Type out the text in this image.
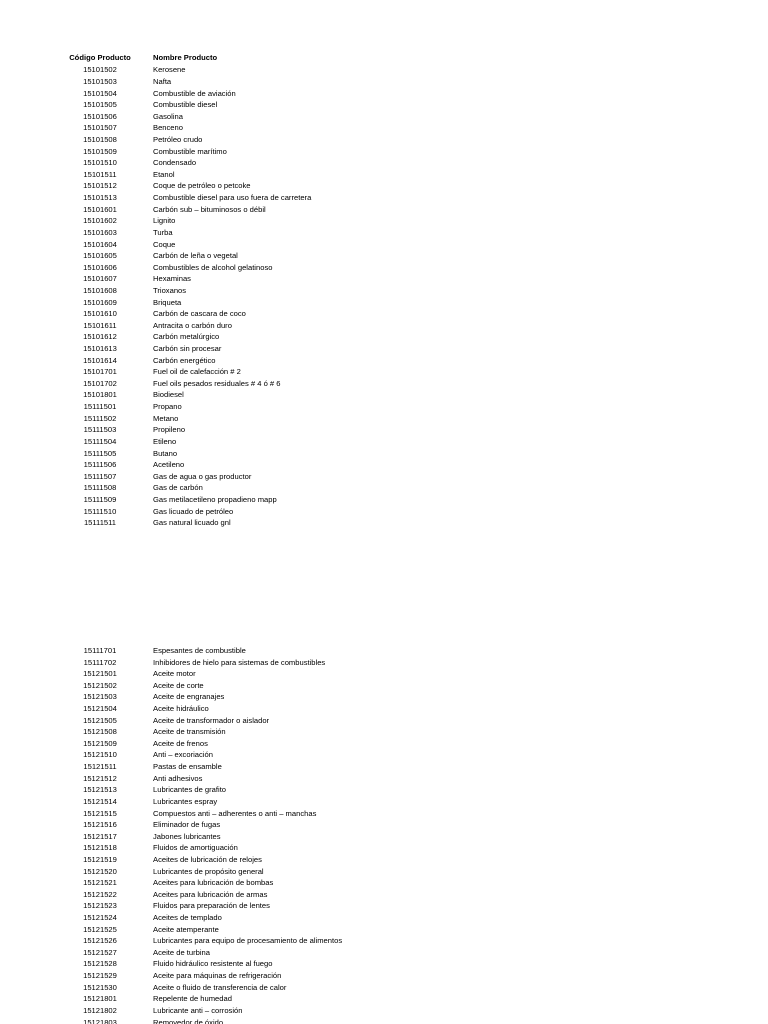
Código Producto	Nombre Producto
15101502	Kerosene
15101503	Nafta
15101504	Combustible de aviación
15101505	Combustible diesel
15101506	Gasolina
15101507	Benceno
15101508	Petróleo crudo
15101509	Combustible marítimo
15101510	Condensado
15101511	Etanol
15101512	Coque de petróleo o petcoke
15101513	Combustible diesel para uso fuera de carretera
15101601	Carbón sub – bituminosos o débil
15101602	Lignito
15101603	Turba
15101604	Coque
15101605	Carbón de leña o vegetal
15101606	Combustibles de alcohol gelatinoso
15101607	Hexaminas
15101608	Trioxanos
15101609	Briqueta
15101610	Carbón de cascara de coco
15101611	Antracita o carbón duro
15101612	Carbón metalúrgico
15101613	Carbón sin procesar
15101614	Carbón energético
15101701	Fuel oil de calefacción # 2
15101702	Fuel oils pesados residuales # 4 ó # 6
15101801	Biodiesel
15111501	Propano
15111502	Metano
15111503	Propileno
15111504	Etileno
15111505	Butano
15111506	Acetileno
15111507	Gas de agua o gas productor
15111508	Gas de carbón
15111509	Gas metilacetileno propadieno mapp
15111510	Gas licuado de petróleo
15111511	Gas natural licuado gnl
15111701	Espesantes de combustible
15111702	Inhibidores de hielo para sistemas de combustibles
15121501	Aceite motor
15121502	Aceite de corte
15121503	Aceite de engranajes
15121504	Aceite hidráulico
15121505	Aceite de transformador o aislador
15121508	Aceite de transmisión
15121509	Aceite de frenos
15121510	Anti – excoriación
15121511	Pastas de ensamble
15121512	Anti adhesivos
15121513	Lubricantes de grafito
15121514	Lubricantes espray
15121515	Compuestos anti – adherentes o anti – manchas
15121516	Eliminador de fugas
15121517	Jabones lubricantes
15121518	Fluidos de amortiguación
15121519	Aceites de lubricación de relojes
15121520	Lubricantes de propósito general
15121521	Aceites para lubricación de bombas
15121522	Aceites para lubricación de armas
15121523	Fluidos para preparación de lentes
15121524	Aceites de templado
15121525	Aceite atemperante
15121526	Lubricantes para equipo de procesamiento de alimentos
15121527	Aceite de turbina
15121528	Fluido hidráulico resistente al fuego
15121529	Aceite para máquinas de refrigeración
15121530	Aceite o fluido de transferencia de calor
15121801	Repelente de humedad
15121802	Lubricante anti – corrosión
15121803	Removedor de óxido
